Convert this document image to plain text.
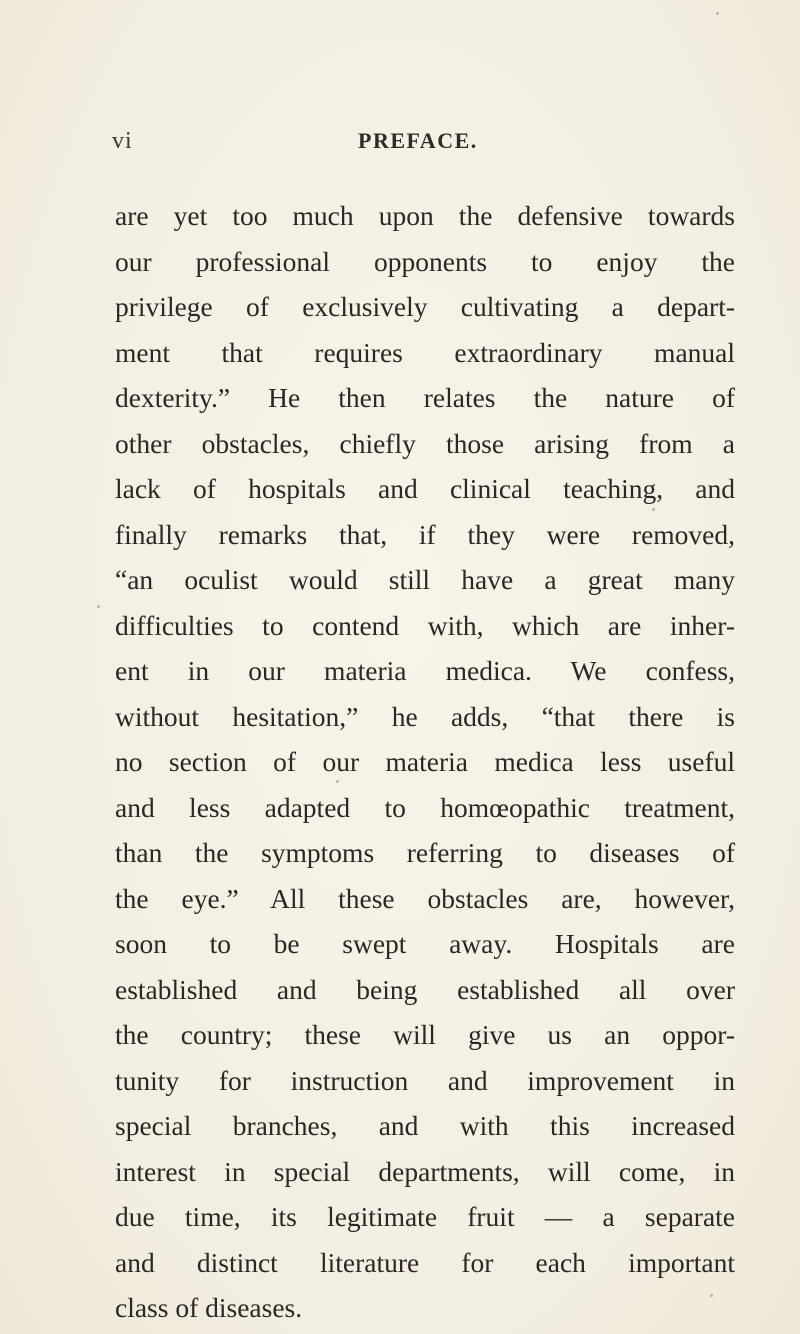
vi	PREFACE.
are yet too much upon the defensive towards
our professional opponents to enjoy the
privilege of exclusively cultivating a depart-
ment that requires extraordinary manual
dexterity.” He then relates the nature of
other obstacles, chiefly those arising from a
lack of hospitals and clinical teaching, and
finally remarks that, if they were removed,
“an oculist would still have a great many
difficulties to contend with, which are inher-
ent in our materia medica. We confess,
without hesitation,” he adds, “that there is
no section of our materia medica less useful
and less adapted to homœopathic treatment,
than the symptoms referring to diseases of
the eye.” All these obstacles are, however,
soon to be swept away. Hospitals are
established and being established all over
the country; these will give us an oppor-
tunity for instruction and improvement in
special branches, and with this increased
interest in special departments, will come, in
due time, its legitimate fruit — a separate
and distinct literature for each important
class of diseases.
